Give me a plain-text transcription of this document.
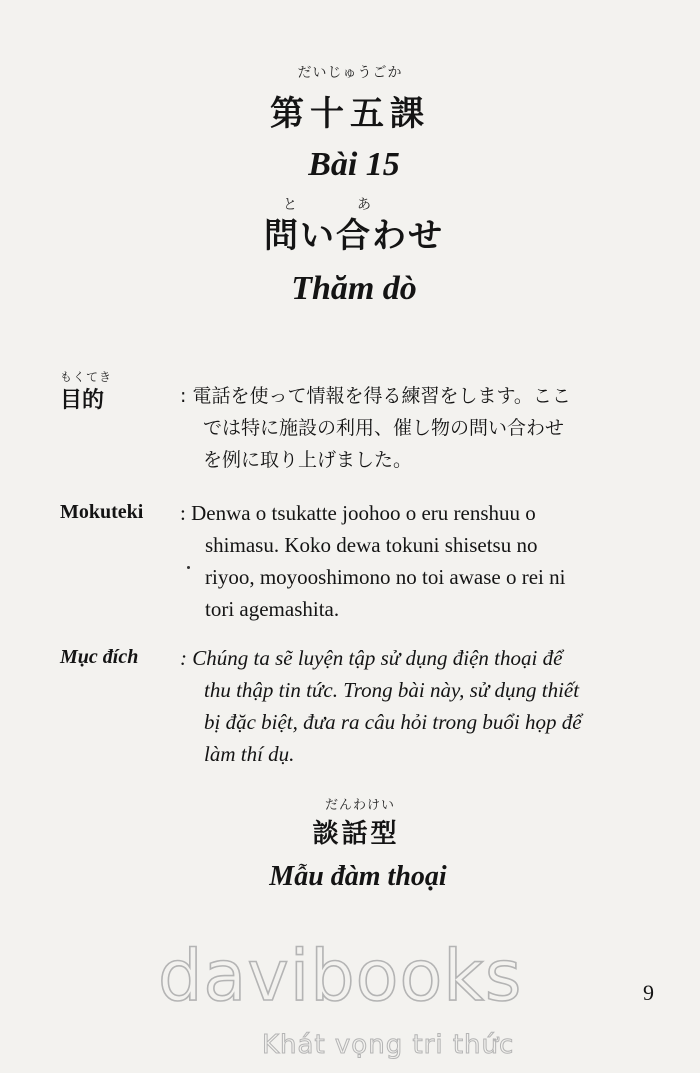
だいじゅうごか
第十五課
Bài 15
と	あ
問い合わせ
Thăm dò
もくてき
目的	: 電話を使って情報を得る練習をします。ここ
では特に施設の利用、催し物の問い合わせ
を例に取り上げました。
Mokuteki : Denwa o tsukatte joohoo o eru renshuu o
shimasu. Koko dewa tokuni shisetsu no
riyoo, moyooshimono no toi awase o rei ni
tori agemashita.
Mục đích : Chúng ta sẽ luyện tập sử dụng điện thoại để
thu thập tin tức. Trong bài này, sử dụng thiết
bị đặc biệt, đưa ra câu hỏi trong buổi họp để
làm thí dụ.
だんわけい
談話型
Mẫu đàm thoại
davibooks
Khát vọng tri thức
9
